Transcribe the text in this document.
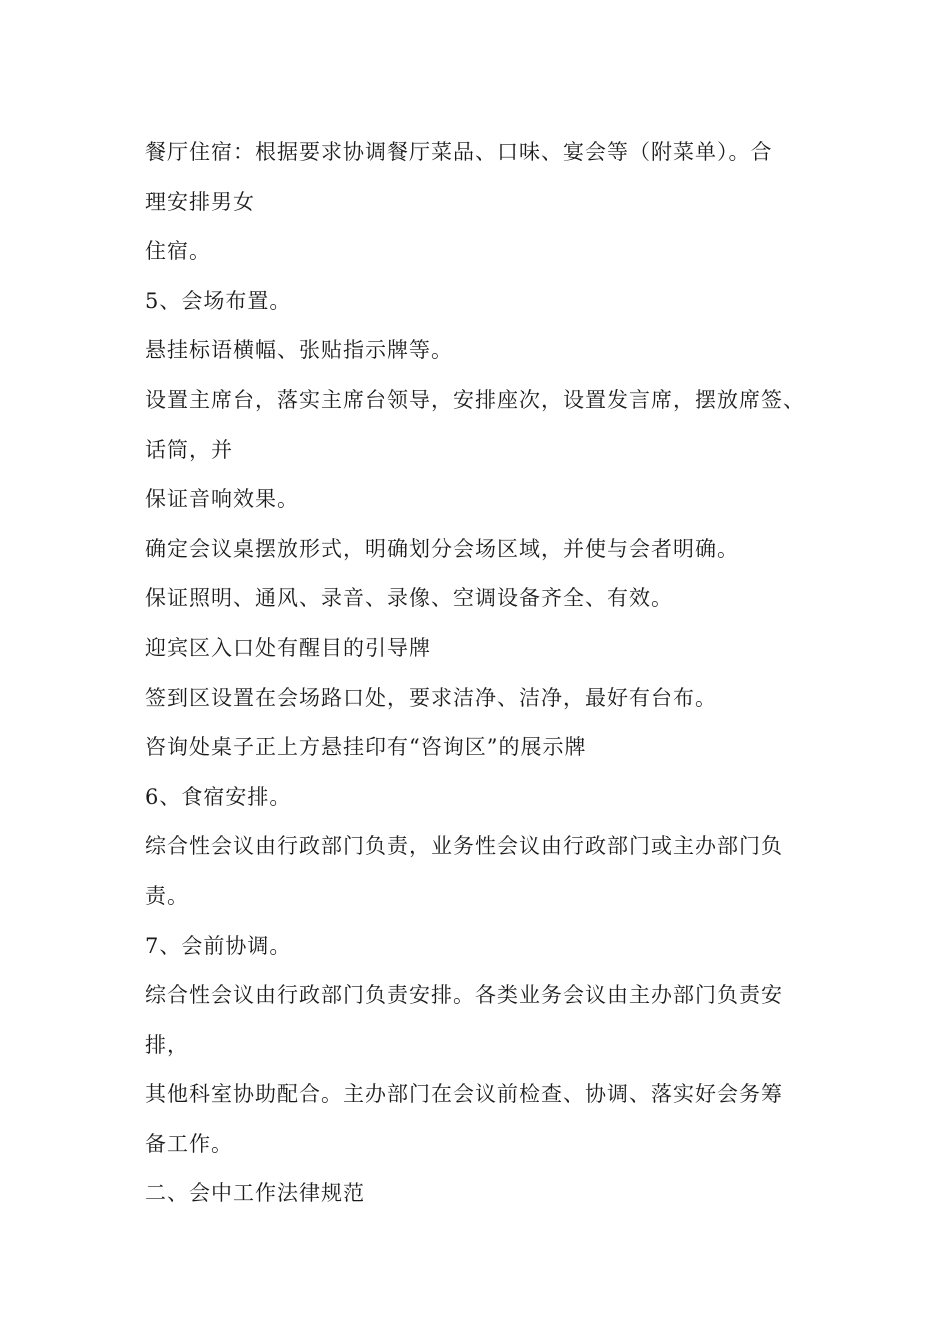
餐厅住宿：根据要求协调餐厅菜品、口味、宴会等（附菜单）。合
理安排男女
住宿。
5、会场布置。
悬挂标语横幅、张贴指示牌等。
设置主席台，落实主席台领导，安排座次，设置发言席，摆放席签、
话筒，并
保证音响效果。
确定会议桌摆放形式，明确划分会场区域，并使与会者明确。
保证照明、通风、录音、录像、空调设备齐全、有效。
迎宾区入口处有醒目的引导牌
签到区设置在会场路口处，要求洁净、洁净，最好有台布。
咨询处桌子正上方悬挂印有“咨询区”的展示牌
6、食宿安排。
综合性会议由行政部门负责，业务性会议由行政部门或主办部门负
责。
7、会前协调。
综合性会议由行政部门负责安排。各类业务会议由主办部门负责安
排，
其他科室协助配合。主办部门在会议前检查、协调、落实好会务筹
备工作。
二、会中工作法律规范
